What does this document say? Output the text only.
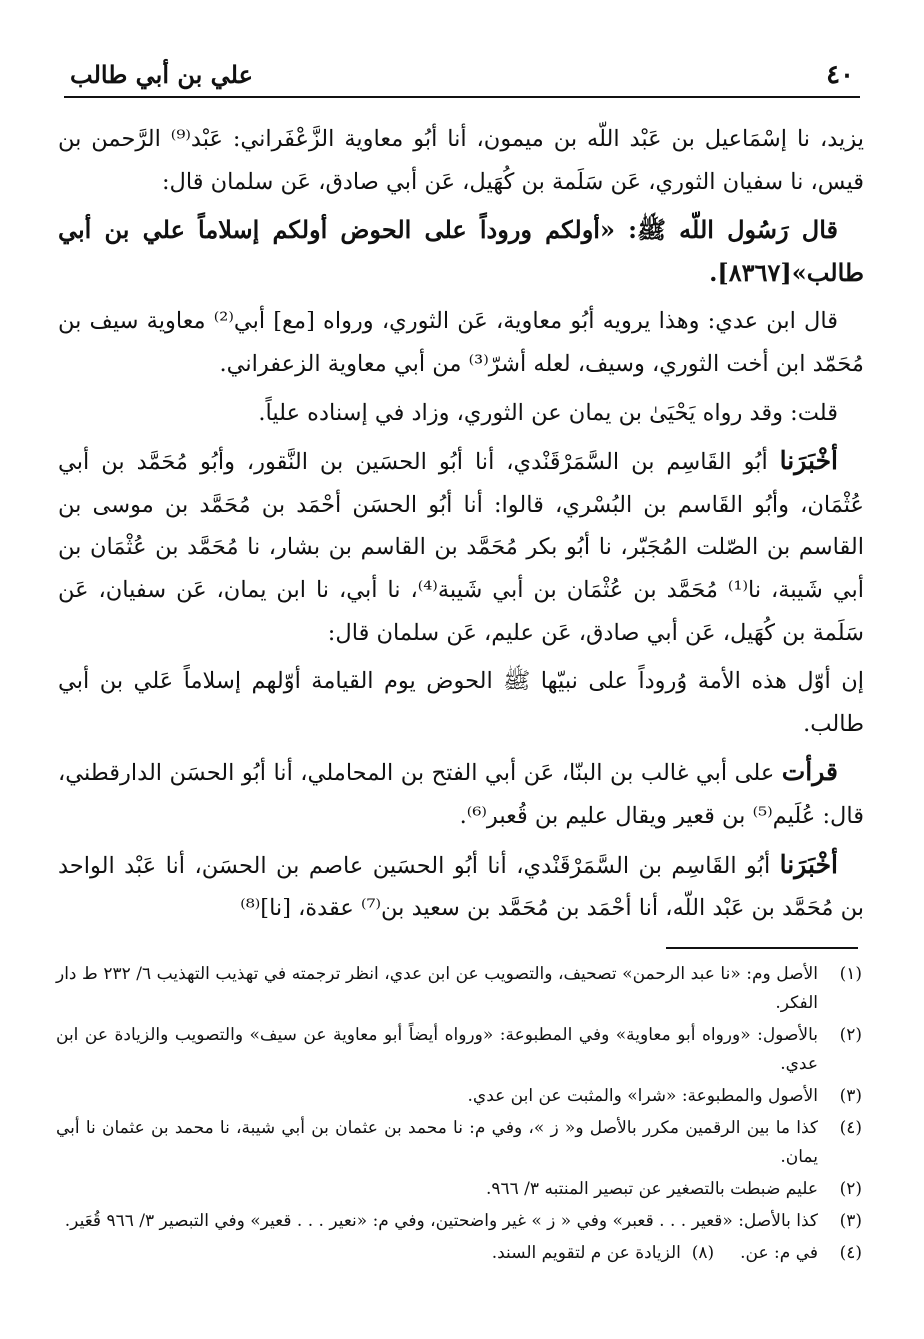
٤٠
علي بن أبي طالب

يزيد، نا إسْمَاعيل بن عَبْد اللّه بن ميمون، أنا أبُو معاوية الزَّعْفَراني: عَبْد⁽⁹⁾ الرَّحمن بن قيس، نا سفيان الثوري، عَن سَلَمة بن كُهَيل، عَن أبي صادق، عَن سلمان قال:

قال رَسُول اللّه ﷺ: «أولكم وروداً على الحوض أولكم إسلاماً علي بن أبي طالب»[٨٣٦٧].

قال ابن عدي: وهذا يرويه أبُو معاوية، عَن الثوري، ورواه [مع] أبي⁽²⁾ معاوية سيف بن مُحَمّد ابن أخت الثوري، وسيف، لعله أشرّ⁽³⁾ من أبي معاوية الزعفراني.

قلت: وقد رواه يَحْيَىٰ بن يمان عن الثوري، وزاد في إسناده علياً.

أخْبَرَنا أبُو القَاسِم بن السَّمَرْقَنْدي، أنا أبُو الحسَين بن النَّقور، وأبُو مُحَمَّد بن أبي عُثْمَان، وأبُو القَاسم بن البُسْري، قالوا: أنا أبُو الحسَن أحْمَد بن مُحَمَّد بن موسى بن القاسم بن الصّلت المُجَبّر، نا أبُو بكر مُحَمَّد بن القاسم بن بشار، نا مُحَمَّد بن عُثْمَان بن أبي شَيبة، نا⁽¹⁾ مُحَمَّد بن عُثْمَان بن أبي شَيبة⁽⁴⁾، نا أبي، نا ابن يمان، عَن سفيان، عَن سَلَمة بن كُهَيل، عَن أبي صادق، عَن عليم، عَن سلمان قال:

إن أوّل هذه الأمة وُروداً على نبيّها ﷺ الحوض يوم القيامة أوّلهم إسلاماً عَلي بن أبي طالب.

قرأت على أبي غالب بن البنّا، عَن أبي الفتح بن المحاملي، أنا أبُو الحسَن الدارقطني، قال: عُلَيم⁽⁵⁾ بن قعير ويقال عليم بن قُعبر⁽⁶⁾.

أخْبَرَنا أبُو القَاسِم بن السَّمَرْقَنْدي، أنا أبُو الحسَين عاصم بن الحسَن، أنا عَبْد الواحد بن مُحَمَّد بن عَبْد اللّه، أنا أحْمَد بن مُحَمَّد بن سعيد بن⁽⁷⁾ عقدة، [نا]⁽⁸⁾

(١)
الأصل وم: «نا عبد الرحمن» تصحيف، والتصويب عن ابن عدي، انظر ترجمته في تهذيب التهذيب ٦/ ٢٣٢ ط دار الفكر.
(٢)
بالأصول: «ورواه أبو معاوية» وفي المطبوعة: «ورواه أيضاً أبو معاوية عن سيف» والتصويب والزيادة عن ابن عدي.
(٣)
الأصول والمطبوعة: «شرا» والمثبت عن ابن عدي.
(٤)
كذا ما بين الرقمين مكرر بالأصل و« ز »، وفي م: نا محمد بن عثمان بن أبي شيبة، نا محمد بن عثمان نا أبي يمان.
(٢)
عليم ضبطت بالتصغير عن تبصير المنتبه ٣/ ٩٦٦.
(٣)
كذا بالأصل: «قعير . . . قعبر» وفي « ز » غير واضحتين، وفي م: «نعير . . . قعير» وفي التبصير ٣/ ٩٦٦ قُعَير.
(٤)
في م: عن.(٨)  الزيادة عن م لتقويم السند.
